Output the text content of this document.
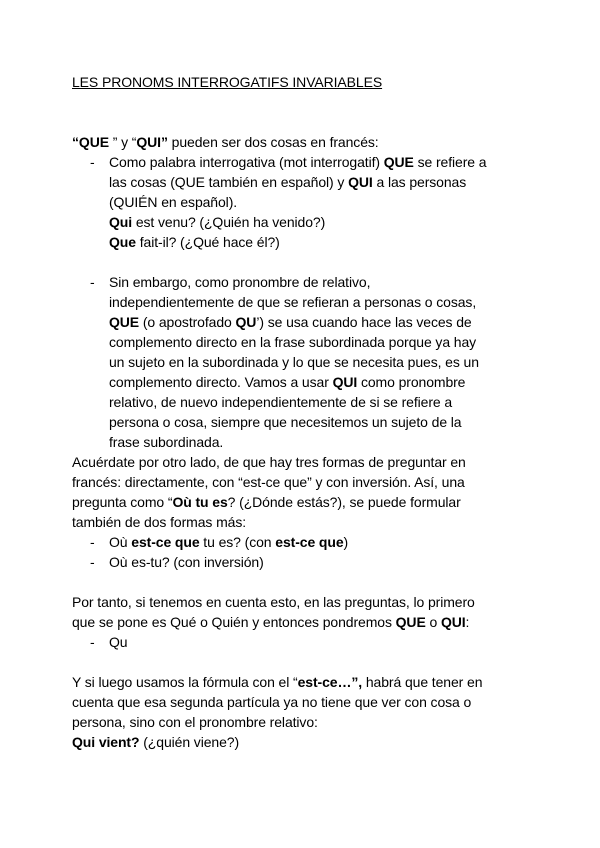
LES PRONOMS INTERROGATIFS INVARIABLES
“QUE ” y “QUI” pueden ser dos cosas en francés:
- Como palabra interrogativa (mot interrogatif) QUE se refiere a
las cosas (QUE también en español) y QUI a las personas
(QUIÉN en español).
Qui est venu? (¿Quién ha venido?)
Que fait-il? (¿Qué hace él?)
- Sin embargo, como pronombre de relativo,
independientemente de que se refieran a personas o cosas,
QUE (o apostrofado QU’) se usa cuando hace las veces de
complemento directo en la frase subordinada porque ya hay
un sujeto en la subordinada y lo que se necesita pues, es un
complemento directo. Vamos a usar QUI como pronombre
relativo, de nuevo independientemente de si se refiere a
persona o cosa, siempre que necesitemos un sujeto de la
frase subordinada.
Acuérdate por otro lado, de que hay tres formas de preguntar en
francés: directamente, con “est-ce que” y con inversión. Así, una
pregunta como “Où tu es? (¿Dónde estás?), se puede formular
también de dos formas más:
- Où est-ce que tu es? (con est-ce que)
- Où es-tu? (con inversión)
Por tanto, si tenemos en cuenta esto, en las preguntas, lo primero
que se pone es Qué o Quién y entonces pondremos QUE o QUI:
- Qu
Y si luego usamos la fórmula con el “est-ce…”, habrá que tener en
cuenta que esa segunda partícula ya no tiene que ver con cosa o
persona, sino con el pronombre relativo:
Qui vient? (¿quién viene?)
